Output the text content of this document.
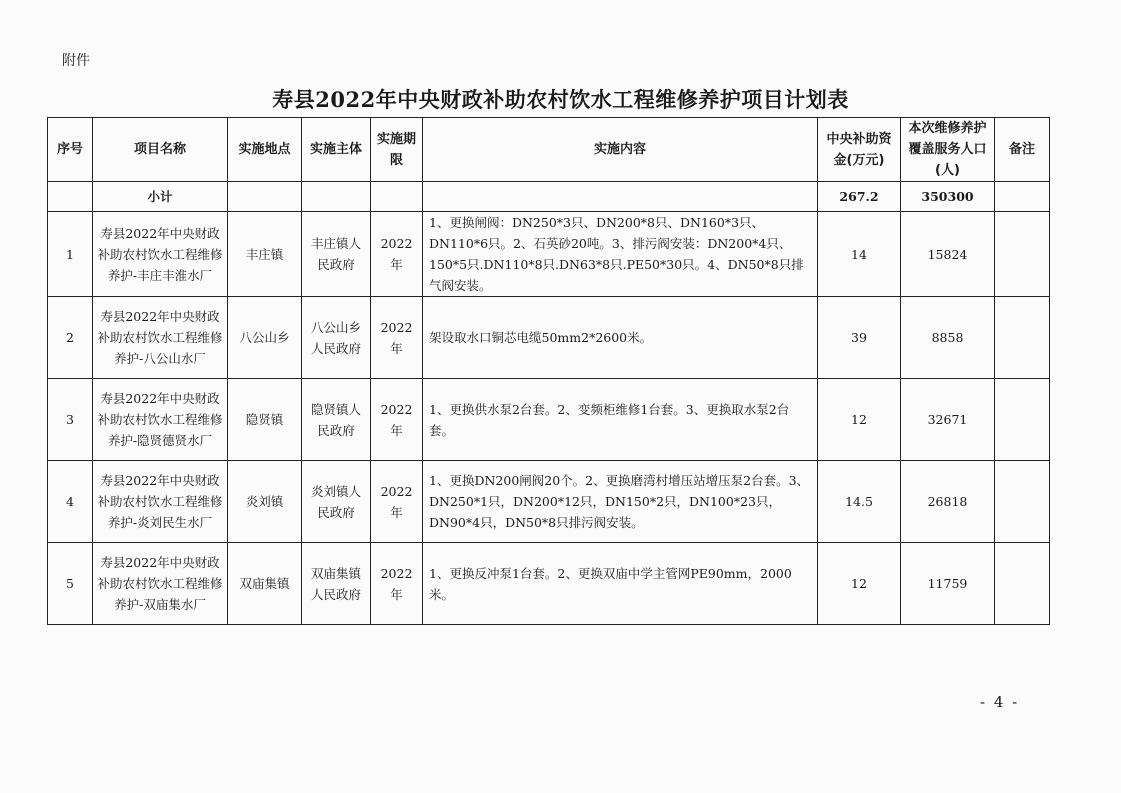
附件
寿县2022年中央财政补助农村饮水工程维修养护项目计划表
序号	项目名称	实施地点	实施主体	实施期限	实施内容	中央补助资金(万元)	本次维修养护覆盖服务人口(人)	备注
	小计					267.2	350300	
1	寿县2022年中央财政补助农村饮水工程维修养护-丰庄丰淮水厂	丰庄镇	丰庄镇人民政府	2022年	1、更换闸阀：DN250*3只、DN200*8只、DN160*3只、DN110*6只。2、石英砂20吨。3、排污阀安装：DN200*4只、150*5只.DN110*8只.DN63*8只.PE50*30只。4、DN50*8只排气阀安装。	14	15824	
2	寿县2022年中央财政补助农村饮水工程维修养护-八公山水厂	八公山乡	八公山乡人民政府	2022年	架设取水口铜芯电缆50mm2*2600米。	39	8858	
3	寿县2022年中央财政补助农村饮水工程维修养护-隐贤德贤水厂	隐贤镇	隐贤镇人民政府	2022年	1、更换供水泵2台套。2、变频柜维修1台套。3、更换取水泵2台套。	12	32671	
4	寿县2022年中央财政补助农村饮水工程维修养护-炎刘民生水厂	炎刘镇	炎刘镇人民政府	2022年	1、更换DN200闸阀20个。2、更换磨湾村增压站增压泵2台套。3、DN250*1只，DN200*12只，DN150*2只，DN100*23只，DN90*4只，DN50*8只排污阀安装。	14.5	26818	
5	寿县2022年中央财政补助农村饮水工程维修养护-双庙集水厂	双庙集镇	双庙集镇人民政府	2022年	1、更换反冲泵1台套。2、更换双庙中学主管网PE90mm，2000米。	12	11759	
- 4 -
